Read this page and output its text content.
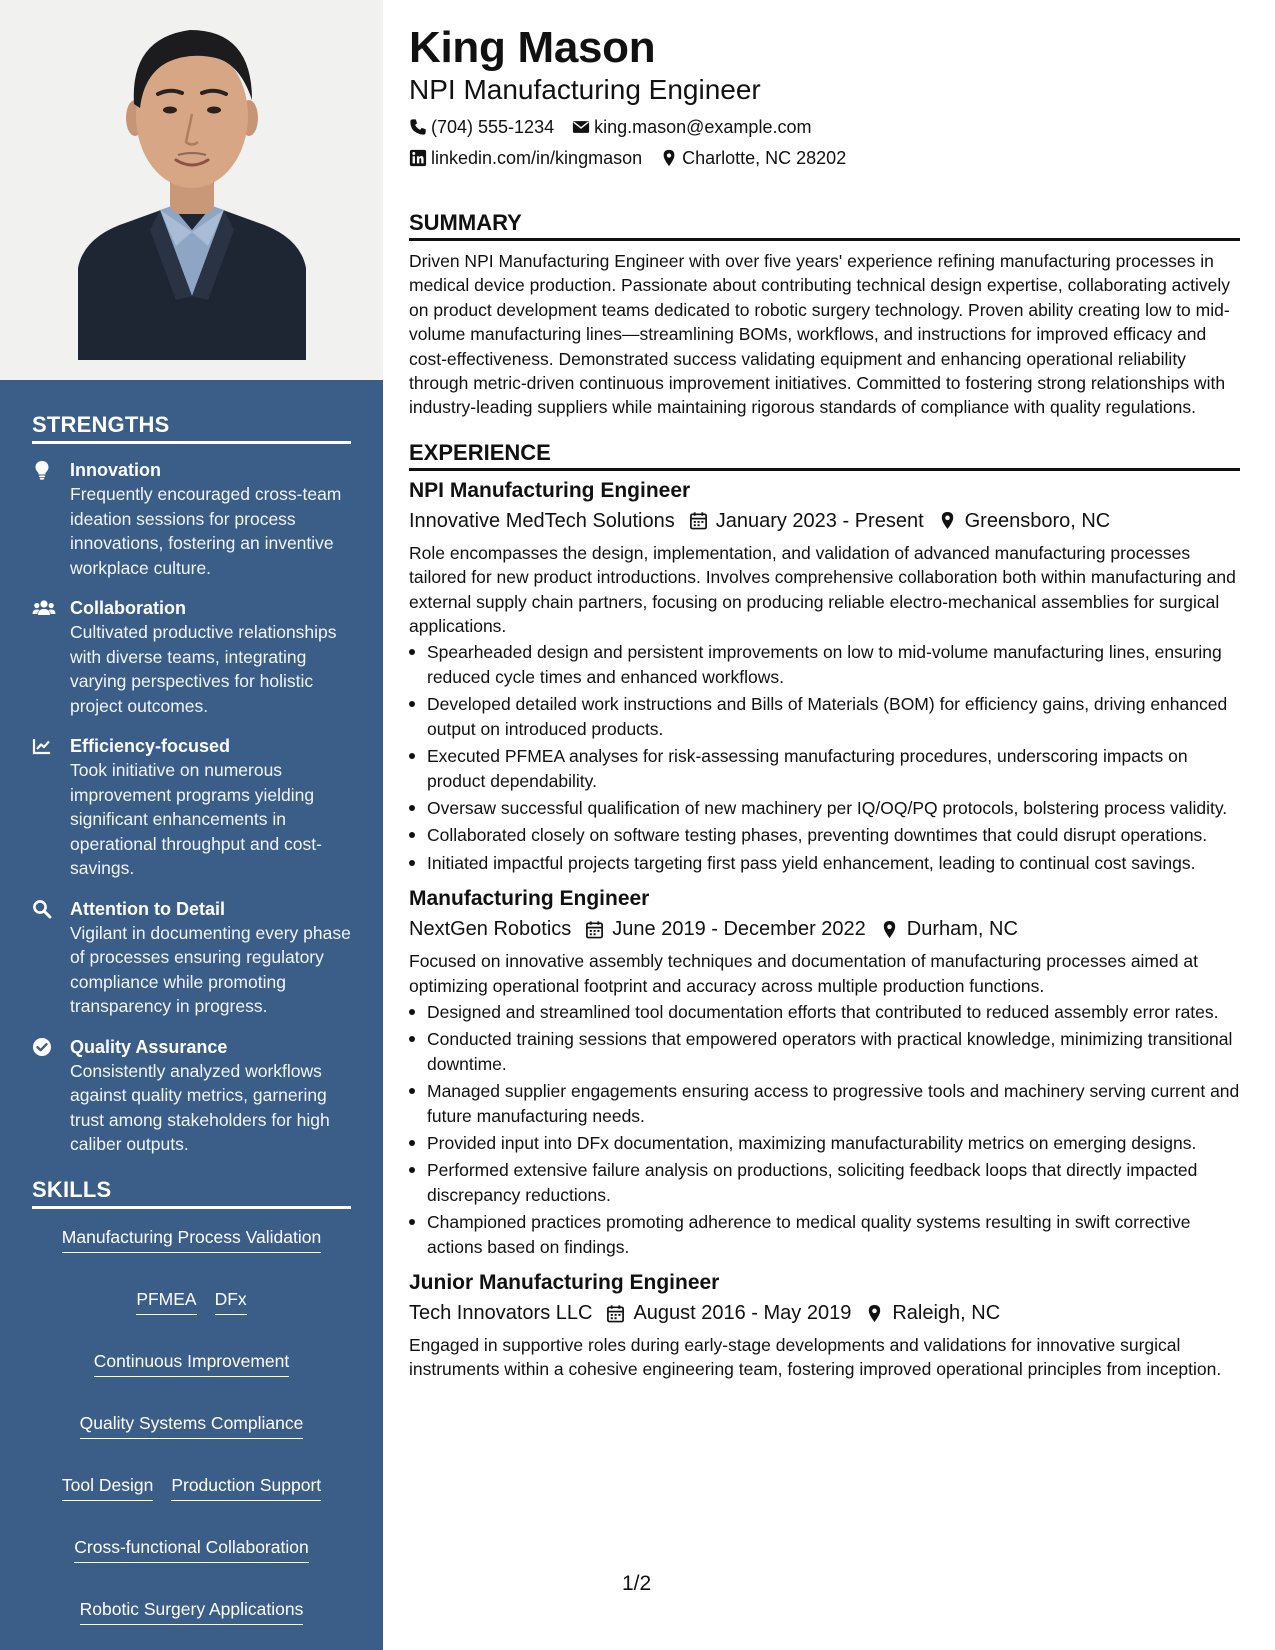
STRENGTHS
Innovation
Frequently encouraged cross-team ideation sessions for process innovations, fostering an inventive workplace culture.
Collaboration
Cultivated productive relationships with diverse teams, integrating varying perspectives for holistic project outcomes.
Efficiency-focused
Took initiative on numerous improvement programs yielding significant enhancements in operational throughput and cost-savings.
Attention to Detail
Vigilant in documenting every phase of processes ensuring regulatory compliance while promoting transparency in progress.
Quality Assurance
Consistently analyzed workflows against quality metrics, garnering trust among stakeholders for high caliber outputs.
SKILLS
Manufacturing Process Validation
PFMEA DFx
Continuous Improvement
Quality Systems Compliance
Tool Design Production Support
Cross-functional Collaboration
Robotic Surgery Applications
King Mason
NPI Manufacturing Engineer
(704) 555-1234 king.mason@example.com
linkedin.com/in/kingmason Charlotte, NC 28202
SUMMARY
Driven NPI Manufacturing Engineer with over five years' experience refining manufacturing processes in medical device production. Passionate about contributing technical design expertise, collaborating actively on product development teams dedicated to robotic surgery technology. Proven ability creating low to mid-volume manufacturing lines—streamlining BOMs, workflows, and instructions for improved efficacy and cost-effectiveness. Demonstrated success validating equipment and enhancing operational reliability through metric-driven continuous improvement initiatives. Committed to fostering strong relationships with industry-leading suppliers while maintaining rigorous standards of compliance with quality regulations.
EXPERIENCE
NPI Manufacturing Engineer
Innovative MedTech Solutions January 2023 - Present Greensboro, NC
Role encompasses the design, implementation, and validation of advanced manufacturing processes tailored for new product introductions. Involves comprehensive collaboration both within manufacturing and external supply chain partners, focusing on producing reliable electro-mechanical assemblies for surgical applications.
Spearheaded design and persistent improvements on low to mid-volume manufacturing lines, ensuring reduced cycle times and enhanced workflows.
Developed detailed work instructions and Bills of Materials (BOM) for efficiency gains, driving enhanced output on introduced products.
Executed PFMEA analyses for risk-assessing manufacturing procedures, underscoring impacts on product dependability.
Oversaw successful qualification of new machinery per IQ/OQ/PQ protocols, bolstering process validity.
Collaborated closely on software testing phases, preventing downtimes that could disrupt operations.
Initiated impactful projects targeting first pass yield enhancement, leading to continual cost savings.
Manufacturing Engineer
NextGen Robotics June 2019 - December 2022 Durham, NC
Focused on innovative assembly techniques and documentation of manufacturing processes aimed at optimizing operational footprint and accuracy across multiple production functions.
Designed and streamlined tool documentation efforts that contributed to reduced assembly error rates.
Conducted training sessions that empowered operators with practical knowledge, minimizing transitional downtime.
Managed supplier engagements ensuring access to progressive tools and machinery serving current and future manufacturing needs.
Provided input into DFx documentation, maximizing manufacturability metrics on emerging designs.
Performed extensive failure analysis on productions, soliciting feedback loops that directly impacted discrepancy reductions.
Championed practices promoting adherence to medical quality systems resulting in swift corrective actions based on findings.
Junior Manufacturing Engineer
Tech Innovators LLC August 2016 - May 2019 Raleigh, NC
Engaged in supportive roles during early-stage developments and validations for innovative surgical instruments within a cohesive engineering team, fostering improved operational principles from inception.
1/2
